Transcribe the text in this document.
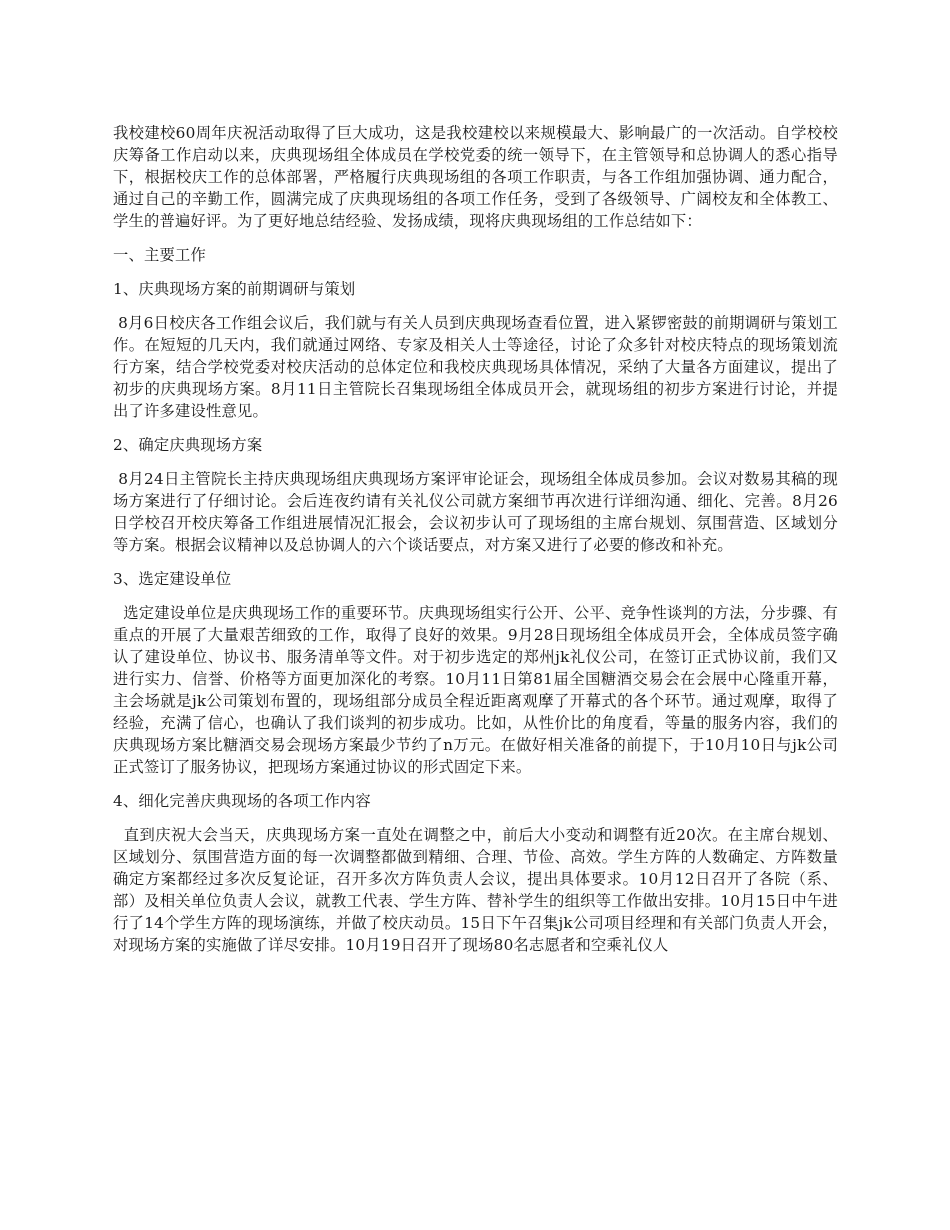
我校建校60周年庆祝活动取得了巨大成功，这是我校建校以来规模最大、影响最广的一次活动。自学校校庆筹备工作启动以来，庆典现场组全体成员在学校党委的统一领导下，在主管领导和总协调人的悉心指导下，根据校庆工作的总体部署，严格履行庆典现场组的各项工作职责，与各工作组加强协调、通力配合，通过自己的辛勤工作，圆满完成了庆典现场组的各项工作任务，受到了各级领导、广阔校友和全体教工、学生的普遍好评。为了更好地总结经验、发扬成绩，现将庆典现场组的工作总结如下：

一、主要工作

1、庆典现场方案的前期调研与策划

8月6日校庆各工作组会议后，我们就与有关人员到庆典现场查看位置，进入紧锣密鼓的前期调研与策划工作。在短短的几天内，我们就通过网络、专家及相关人士等途径，讨论了众多针对校庆特点的现场策划流行方案，结合学校党委对校庆活动的总体定位和我校庆典现场具体情况，采纳了大量各方面建议，提出了初步的庆典现场方案。8月11日主管院长召集现场组全体成员开会，就现场组的初步方案进行讨论，并提出了许多建设性意见。

2、确定庆典现场方案

8月24日主管院长主持庆典现场组庆典现场方案评审论证会，现场组全体成员参加。会议对数易其稿的现场方案进行了仔细讨论。会后连夜约请有关礼仪公司就方案细节再次进行详细沟通、细化、完善。8月26日学校召开校庆筹备工作组进展情况汇报会，会议初步认可了现场组的主席台规划、氛围营造、区域划分等方案。根据会议精神以及总协调人的六个谈话要点，对方案又进行了必要的修改和补充。

3、选定建设单位

选定建设单位是庆典现场工作的重要环节。庆典现场组实行公开、公平、竞争性谈判的方法，分步骤、有重点的开展了大量艰苦细致的工作，取得了良好的效果。9月28日现场组全体成员开会，全体成员签字确认了建设单位、协议书、服务清单等文件。对于初步选定的郑州jk礼仪公司，在签订正式协议前，我们又进行实力、信誉、价格等方面更加深化的考察。10月11日第81届全国糖酒交易会在会展中心隆重开幕，主会场就是jk公司策划布置的，现场组部分成员全程近距离观摩了开幕式的各个环节。通过观摩，取得了经验，充满了信心，也确认了我们谈判的初步成功。比如，从性价比的角度看，等量的服务内容，我们的庆典现场方案比糖酒交易会现场方案最少节约了n万元。在做好相关准备的前提下，于10月10日与jk公司正式签订了服务协议，把现场方案通过协议的形式固定下来。

4、细化完善庆典现场的各项工作内容

直到庆祝大会当天，庆典现场方案一直处在调整之中，前后大小变动和调整有近20次。在主席台规划、区域划分、氛围营造方面的每一次调整都做到精细、合理、节俭、高效。学生方阵的人数确定、方阵数量确定方案都经过多次反复论证，召开多次方阵负责人会议，提出具体要求。10月12日召开了各院（系、部）及相关单位负责人会议，就教工代表、学生方阵、替补学生的组织等工作做出安排。10月15日中午进行了14个学生方阵的现场演练，并做了校庆动员。15日下午召集jk公司项目经理和有关部门负责人开会，对现场方案的实施做了详尽安排。10月19日召开了现场80名志愿者和空乘礼仪人
